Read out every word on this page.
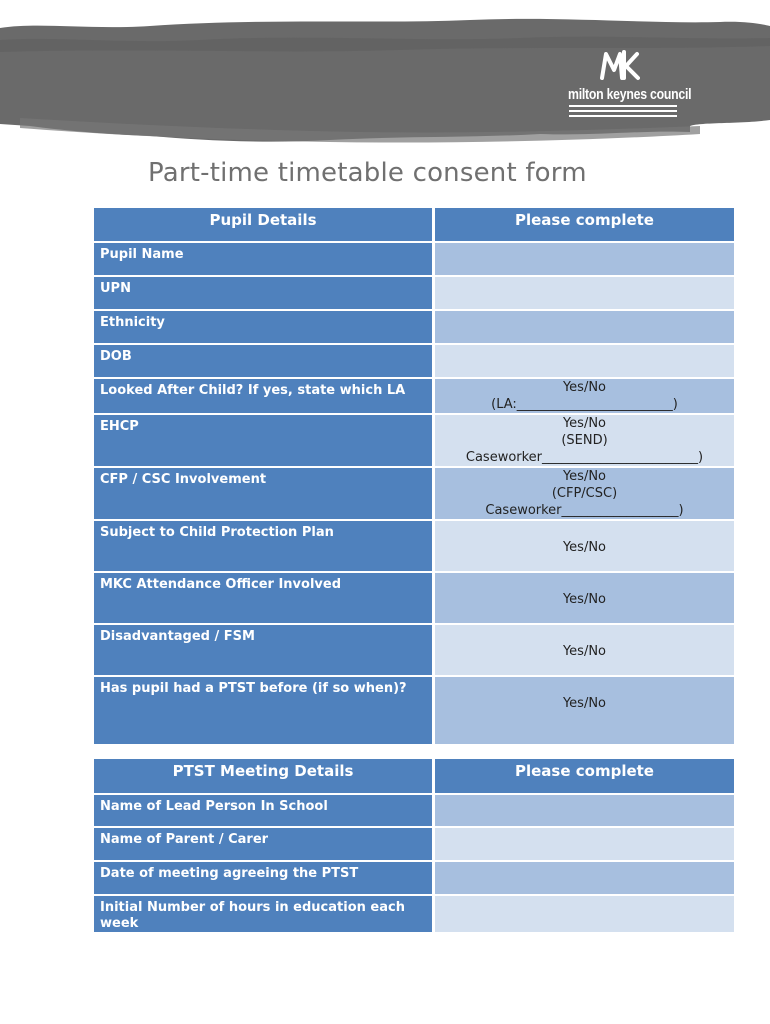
milton keynes council
Part-time timetable consent form
Pupil Details	Please complete
Pupil Name	
UPN	
Ethnicity	
DOB	
Looked After Child? If yes, state which LA	Yes/No
(LA:________________________)

EHCP	Yes/No
(SEND)
Caseworker________________________)

CFP / CSC Involvement	Yes/No
(CFP/CSC)
Caseworker__________________)

Subject to Child Protection Plan	Yes/No

MKC Attendance Officer Involved	Yes/No

Disadvantaged / FSM	Yes/No

Has pupil had a PTST before (if so when)?	Yes/No
PTST Meeting Details	Please complete
Name of Lead Person In School	
Name of Parent / Carer	
Date of meeting agreeing the PTST	
Initial Number of hours in education each week	
